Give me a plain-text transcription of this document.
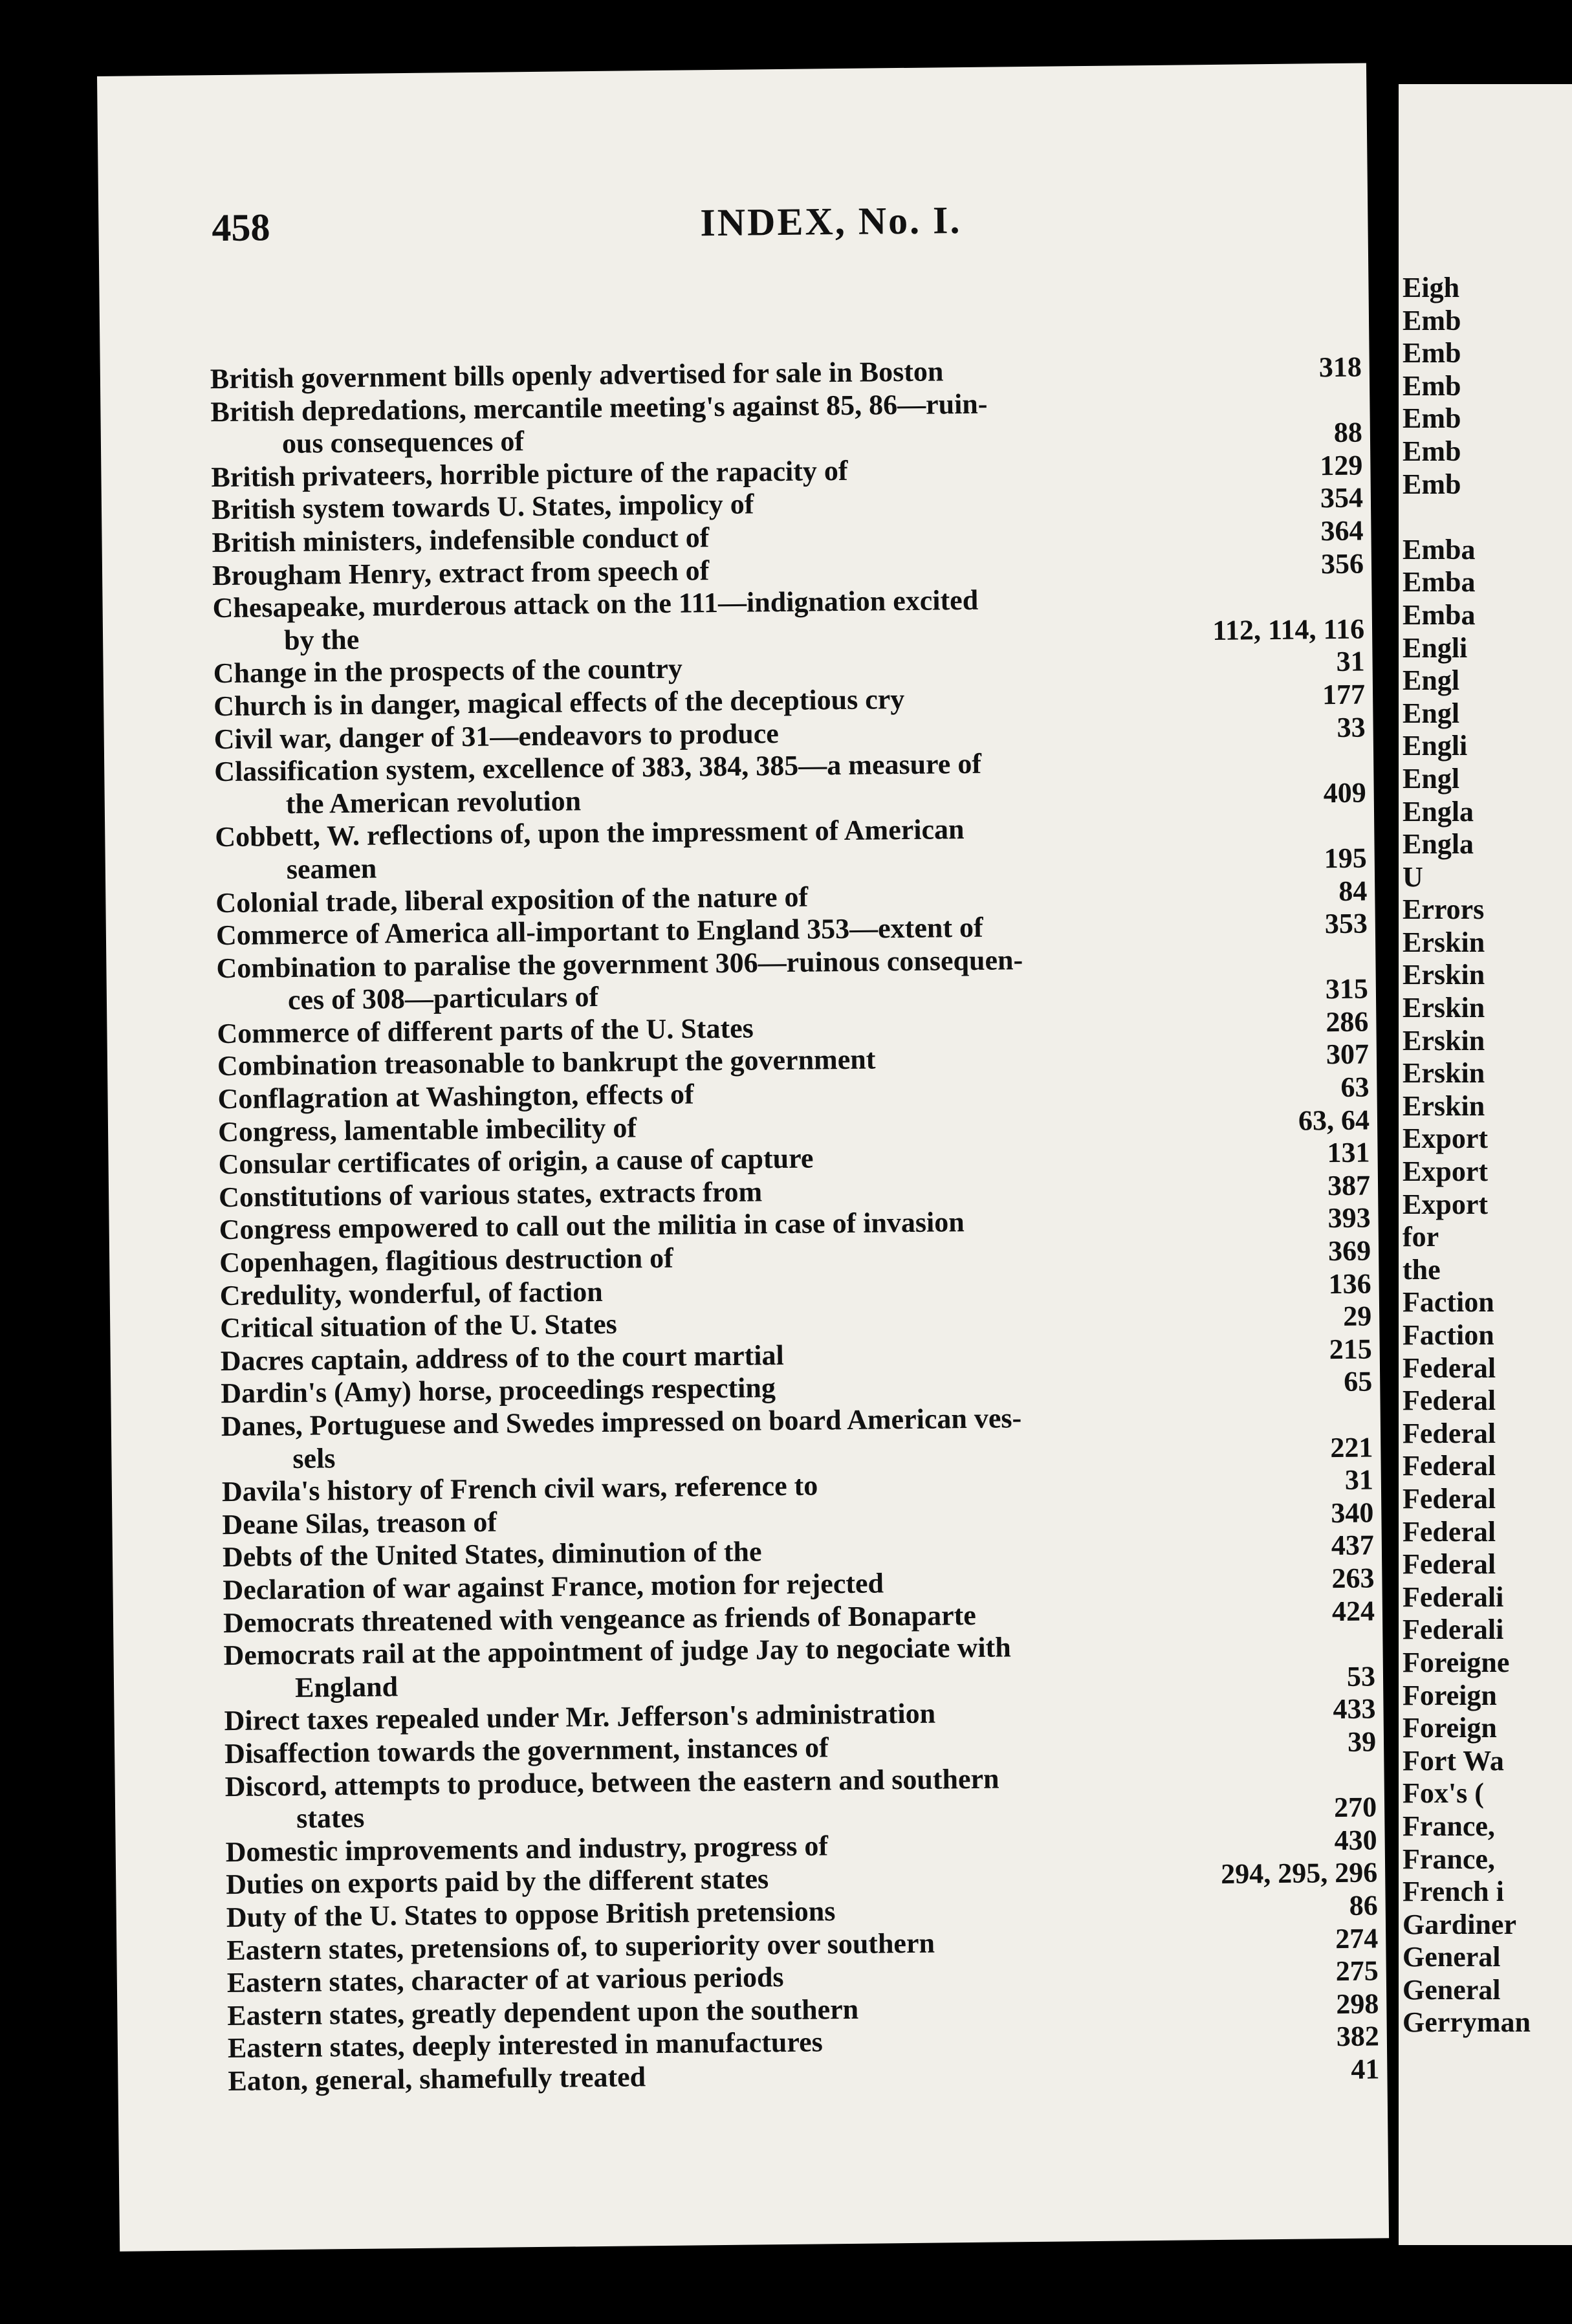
458	INDEX, No. I.
British government bills openly advertised for sale in Boston	318
British depredations, mercantile meeting's against 85, 86—ruin-
ous consequences of	88
British privateers, horrible picture of the rapacity of	129
British system towards U. States, impolicy of	354
British ministers, indefensible conduct of	364
Brougham Henry, extract from speech of	356
Chesapeake, murderous attack on the 111—indignation excited
by the	112, 114, 116
Change in the prospects of the country	31
Church is in danger, magical effects of the deceptious cry	177
Civil war, danger of 31—endeavors to produce	33
Classification system, excellence of 383, 384, 385—a measure of
the American revolution	409
Cobbett, W. reflections of, upon the impressment of American
seamen	195
Colonial trade, liberal exposition of the nature of	84
Commerce of America all-important to England 353—extent of	353
Combination to paralise the government 306—ruinous consequen-
ces of 308—particulars of	315
Commerce of different parts of the U. States	286
Combination treasonable to bankrupt the government	307
Conflagration at Washington, effects of	63
Congress, lamentable imbecility of	63, 64
Consular certificates of origin, a cause of capture	131
Constitutions of various states, extracts from	387
Congress empowered to call out the militia in case of invasion	393
Copenhagen, flagitious destruction of	369
Credulity, wonderful, of faction	136
Critical situation of the U. States	29
Dacres captain, address of to the court martial	215
Dardin's (Amy) horse, proceedings respecting	65
Danes, Portuguese and Swedes impressed on board American ves-
sels	221
Davila's history of French civil wars, reference to	31
Deane Silas, treason of	340
Debts of the United States, diminution of the	437
Declaration of war against France, motion for rejected	263
Democrats threatened with vengeance as friends of Bonaparte	424
Democrats rail at the appointment of judge Jay to negociate with
England	53
Direct taxes repealed under Mr. Jefferson's administration	433
Disaffection towards the government, instances of	39
Discord, attempts to produce, between the eastern and southern
states	270
Domestic improvements and industry, progress of	430
Duties on exports paid by the different states	294, 295, 296
Duty of the U. States to oppose British pretensions	86
Eastern states, pretensions of, to superiority over southern	274
Eastern states, character of at various periods	275
Eastern states, greatly dependent upon the southern	298
Eastern states, deeply interested in manufactures	382
Eaton, general, shamefully treated	41
Eigh
Emb
Emb
Emb
Emb
Emb
Emb

Emba
Emba
Emba
Engli
Engl
Engl
Engli
Engl
Engla
Engla
U
Errors
Erskin
Erskin
Erskin
Erskin
Erskin
Erskin
Export
Export
Export
for
the
Faction
Faction
Federal
Federal
Federal
Federal
Federal
Federal
Federal
Federali
Federali
Foreigne
Foreign
Foreign
Fort Wa
Fox's (
France,
France,
French i
Gardiner
General
General
Gerryman
